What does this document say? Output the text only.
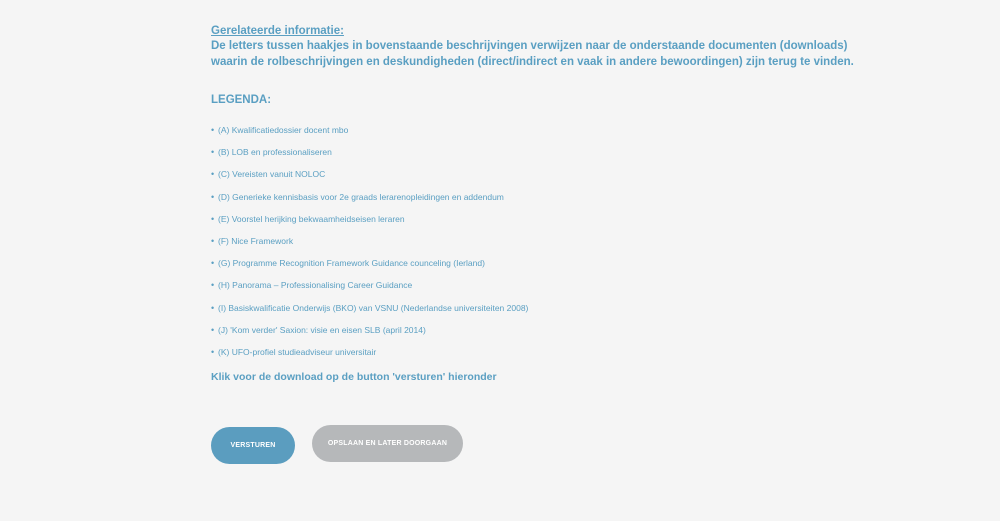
Gerelateerde informatie:

De letters tussen haakjes in bovenstaande beschrijvingen verwijzen naar de onderstaande documenten (downloads)
waarin de rolbeschrijvingen en deskundigheden (direct/indirect en vaak in andere bewoordingen) zijn terug te vinden.

LEGENDA:

• (A) Kwalificatiedossier docent mbo
• (B) LOB en professionaliseren
• (C) Vereisten vanuit NOLOC
• (D) Generieke kennisbasis voor 2e graads lerarenopleidingen en addendum
• (E) Voorstel herijking bekwaamheidseisen leraren
• (F) Nice Framework
• (G) Programme Recognition Framework Guidance counceling (Ierland)
• (H) Panorama – Professionalising Career Guidance
• (I) Basiskwalificatie Onderwijs (BKO) van VSNU (Nederlandse universiteiten 2008)
• (J) 'Kom verder' Saxion: visie en eisen SLB (april 2014)
• (K) UFO-profiel studieadviseur universitair

Klik voor de download op de button 'versturen' hieronder

VERSTUREN	OPSLAAN EN LATER DOORGAAN
